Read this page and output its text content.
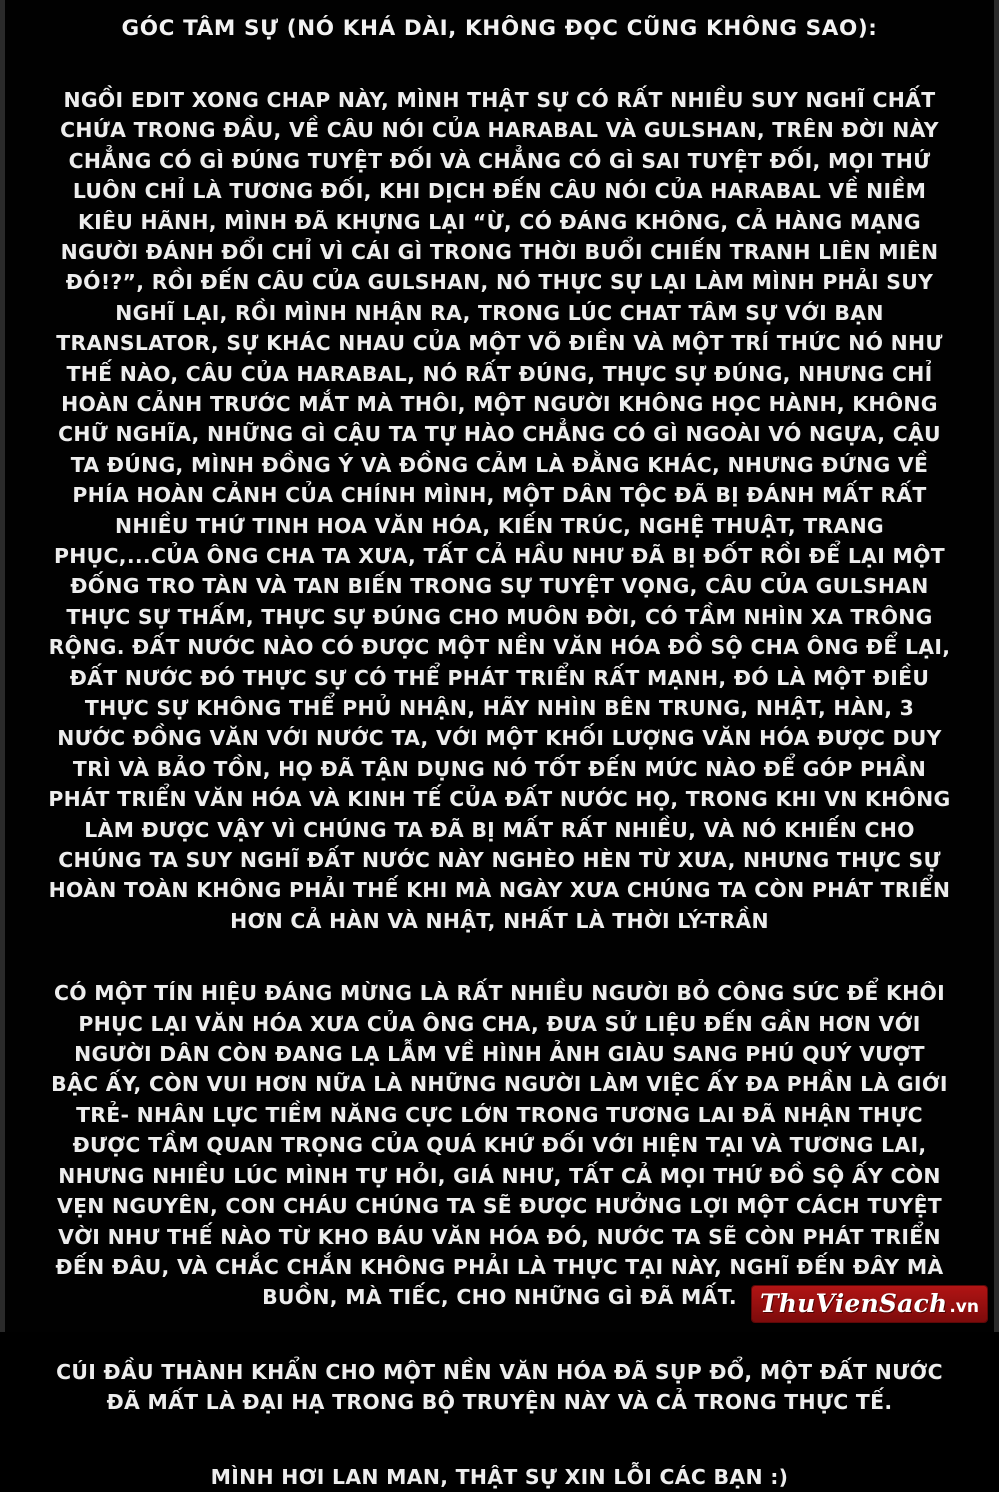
GÓC TÂM SỰ (NÓ KHÁ DÀI, KHÔNG ĐỌC CŨNG KHÔNG SAO):

NGỒI EDIT XONG CHAP NÀY, MÌNH THẬT SỰ CÓ RẤT NHIỀU SUY NGHĨ CHẤT CHỨA TRONG ĐẦU, VỀ CÂU NÓI CỦA HARABAL VÀ GULSHAN, TRÊN ĐỜI NÀY CHẲNG CÓ GÌ ĐÚNG TUYỆT ĐỐI VÀ CHẲNG CÓ GÌ SAI TUYỆT ĐỐI, MỌI THỨ LUÔN CHỈ LÀ TƯƠNG ĐỐI, KHI DỊCH ĐẾN CÂU NÓI CỦA HARABAL VỀ NIỀM KIÊU HÃNH, MÌNH ĐÃ KHỰNG LẠI “Ừ, CÓ ĐÁNG KHÔNG, CẢ HÀNG MẠNG NGƯỜI ĐÁNH ĐỔI CHỈ VÌ CÁI GÌ TRONG THỜI BUỔI CHIẾN TRANH LIÊN MIÊN ĐÓ!?”, RỒI ĐẾN CÂU CỦA GULSHAN, NÓ THỰC SỰ LẠI LÀM MÌNH PHẢI SUY NGHĨ LẠI, RỒI MÌNH NHẬN RA, TRONG LÚC CHAT TÂM SỰ VỚI BẠN TRANSLATOR, SỰ KHÁC NHAU CỦA MỘT VÕ ĐIỀN VÀ MỘT TRÍ THỨC NÓ NHƯ THẾ NÀO, CÂU CỦA HARABAL, NÓ RẤT ĐÚNG, THỰC SỰ ĐÚNG, NHƯNG CHỈ HOÀN CẢNH TRƯỚC MẮT MÀ THÔI, MỘT NGƯỜI KHÔNG HỌC HÀNH, KHÔNG CHỮ NGHĨA, NHỮNG GÌ CẬU TA TỰ HÀO CHẲNG CÓ GÌ NGOÀI VÓ NGỰA, CẬU TA ĐÚNG, MÌNH ĐỒNG Ý VÀ ĐỒNG CẢM LÀ ĐẰNG KHÁC, NHƯNG ĐỨNG VỀ PHÍA HOÀN CẢNH CỦA CHÍNH MÌNH, MỘT DÂN TỘC ĐÃ BỊ ĐÁNH MẤT RẤT NHIỀU THỨ TINH HOA VĂN HÓA, KIẾN TRÚC, NGHỆ THUẬT, TRANG PHỤC,...CỦA ÔNG CHA TA XƯA, TẤT CẢ HẦU NHƯ ĐÃ BỊ ĐỐT RỒI ĐỂ LẠI MỘT ĐỐNG TRO TÀN VÀ TAN BIẾN TRONG SỰ TUYỆT VỌNG, CÂU CỦA GULSHAN THỰC SỰ THẤM, THỰC SỰ ĐÚNG CHO MUÔN ĐỜI, CÓ TẦM NHÌN XA TRÔNG RỘNG. ĐẤT NƯỚC NÀO CÓ ĐƯỢC MỘT NỀN VĂN HÓA ĐỒ SỘ CHA ÔNG ĐỂ LẠI, ĐẤT NƯỚC ĐÓ THỰC SỰ CÓ THỂ PHÁT TRIỂN RẤT MẠNH, ĐÓ LÀ MỘT ĐIỀU THỰC SỰ KHÔNG THỂ PHỦ NHẬN, HÃY NHÌN BÊN TRUNG, NHẬT, HÀN, 3 NƯỚC ĐỒNG VĂN VỚI NƯỚC TA, VỚI MỘT KHỐI LƯỢNG VĂN HÓA ĐƯỢC DUY TRÌ VÀ BẢO TỒN, HỌ ĐÃ TẬN DỤNG NÓ TỐT ĐẾN MỨC NÀO ĐỂ GÓP PHẦN PHÁT TRIỂN VĂN HÓA VÀ KINH TẾ CỦA ĐẤT NƯỚC HỌ, TRONG KHI VN KHÔNG LÀM ĐƯỢC VẬY VÌ CHÚNG TA ĐÃ BỊ MẤT RẤT NHIỀU, VÀ NÓ KHIẾN CHO CHÚNG TA SUY NGHĨ ĐẤT NƯỚC NÀY NGHÈO HÈN TỪ XƯA, NHƯNG THỰC SỰ HOÀN TOÀN KHÔNG PHẢI THẾ KHI MÀ NGÀY XƯA CHÚNG TA CÒN PHÁT TRIỂN HƠN CẢ HÀN VÀ NHẬT, NHẤT LÀ THỜI LÝ-TRẦN

CÓ MỘT TÍN HIỆU ĐÁNG MỪNG LÀ RẤT NHIỀU NGƯỜI BỎ CÔNG SỨC ĐỂ KHÔI PHỤC LẠI VĂN HÓA XƯA CỦA ÔNG CHA, ĐƯA SỬ LIỆU ĐẾN GẦN HƠN VỚI NGƯỜI DÂN CÒN ĐANG LẠ LẪM VỀ HÌNH ẢNH GIÀU SANG PHÚ QUÝ VƯỢT BẬC ẤY, CÒN VUI HƠN NỮA LÀ NHỮNG NGƯỜI LÀM VIỆC ẤY ĐA PHẦN LÀ GIỚI TRẺ- NHÂN LỰC TIỀM NĂNG CỰC LỚN TRONG TƯƠNG LAI ĐÃ NHẬN THỰC ĐƯỢC TẦM QUAN TRỌNG CỦA QUÁ KHỨ ĐỐI VỚI HIỆN TẠI VÀ TƯƠNG LAI, NHƯNG NHIỀU LÚC MÌNH TỰ HỎI, GIÁ NHƯ, TẤT CẢ MỌI THỨ ĐỒ SỘ ẤY CÒN VẸN NGUYÊN, CON CHÁU CHÚNG TA SẼ ĐƯỢC HƯỞNG LỢI MỘT CÁCH TUYỆT VỜI NHƯ THẾ NÀO TỪ KHO BÁU VĂN HÓA ĐÓ, NƯỚC TA SẼ CÒN PHÁT TRIỂN ĐẾN ĐÂU, VÀ CHẮC CHẮN KHÔNG PHẢI LÀ THỰC TẠI NÀY, NGHĨ ĐẾN ĐÂY MÀ BUỒN, MÀ TIẾC, CHO NHỮNG GÌ ĐÃ MẤT.

CÚI ĐẦU THÀNH KHẨN CHO MỘT NỀN VĂN HÓA ĐÃ SỤP ĐỔ, MỘT ĐẤT NƯỚC ĐÃ MẤT LÀ ĐẠI HẠ TRONG BỘ TRUYỆN NÀY VÀ CẢ TRONG THỰC TẾ.

MÌNH HƠI LAN MAN, THẬT SỰ XIN LỖI CÁC BẠN :)

ThuVienSach .vn
